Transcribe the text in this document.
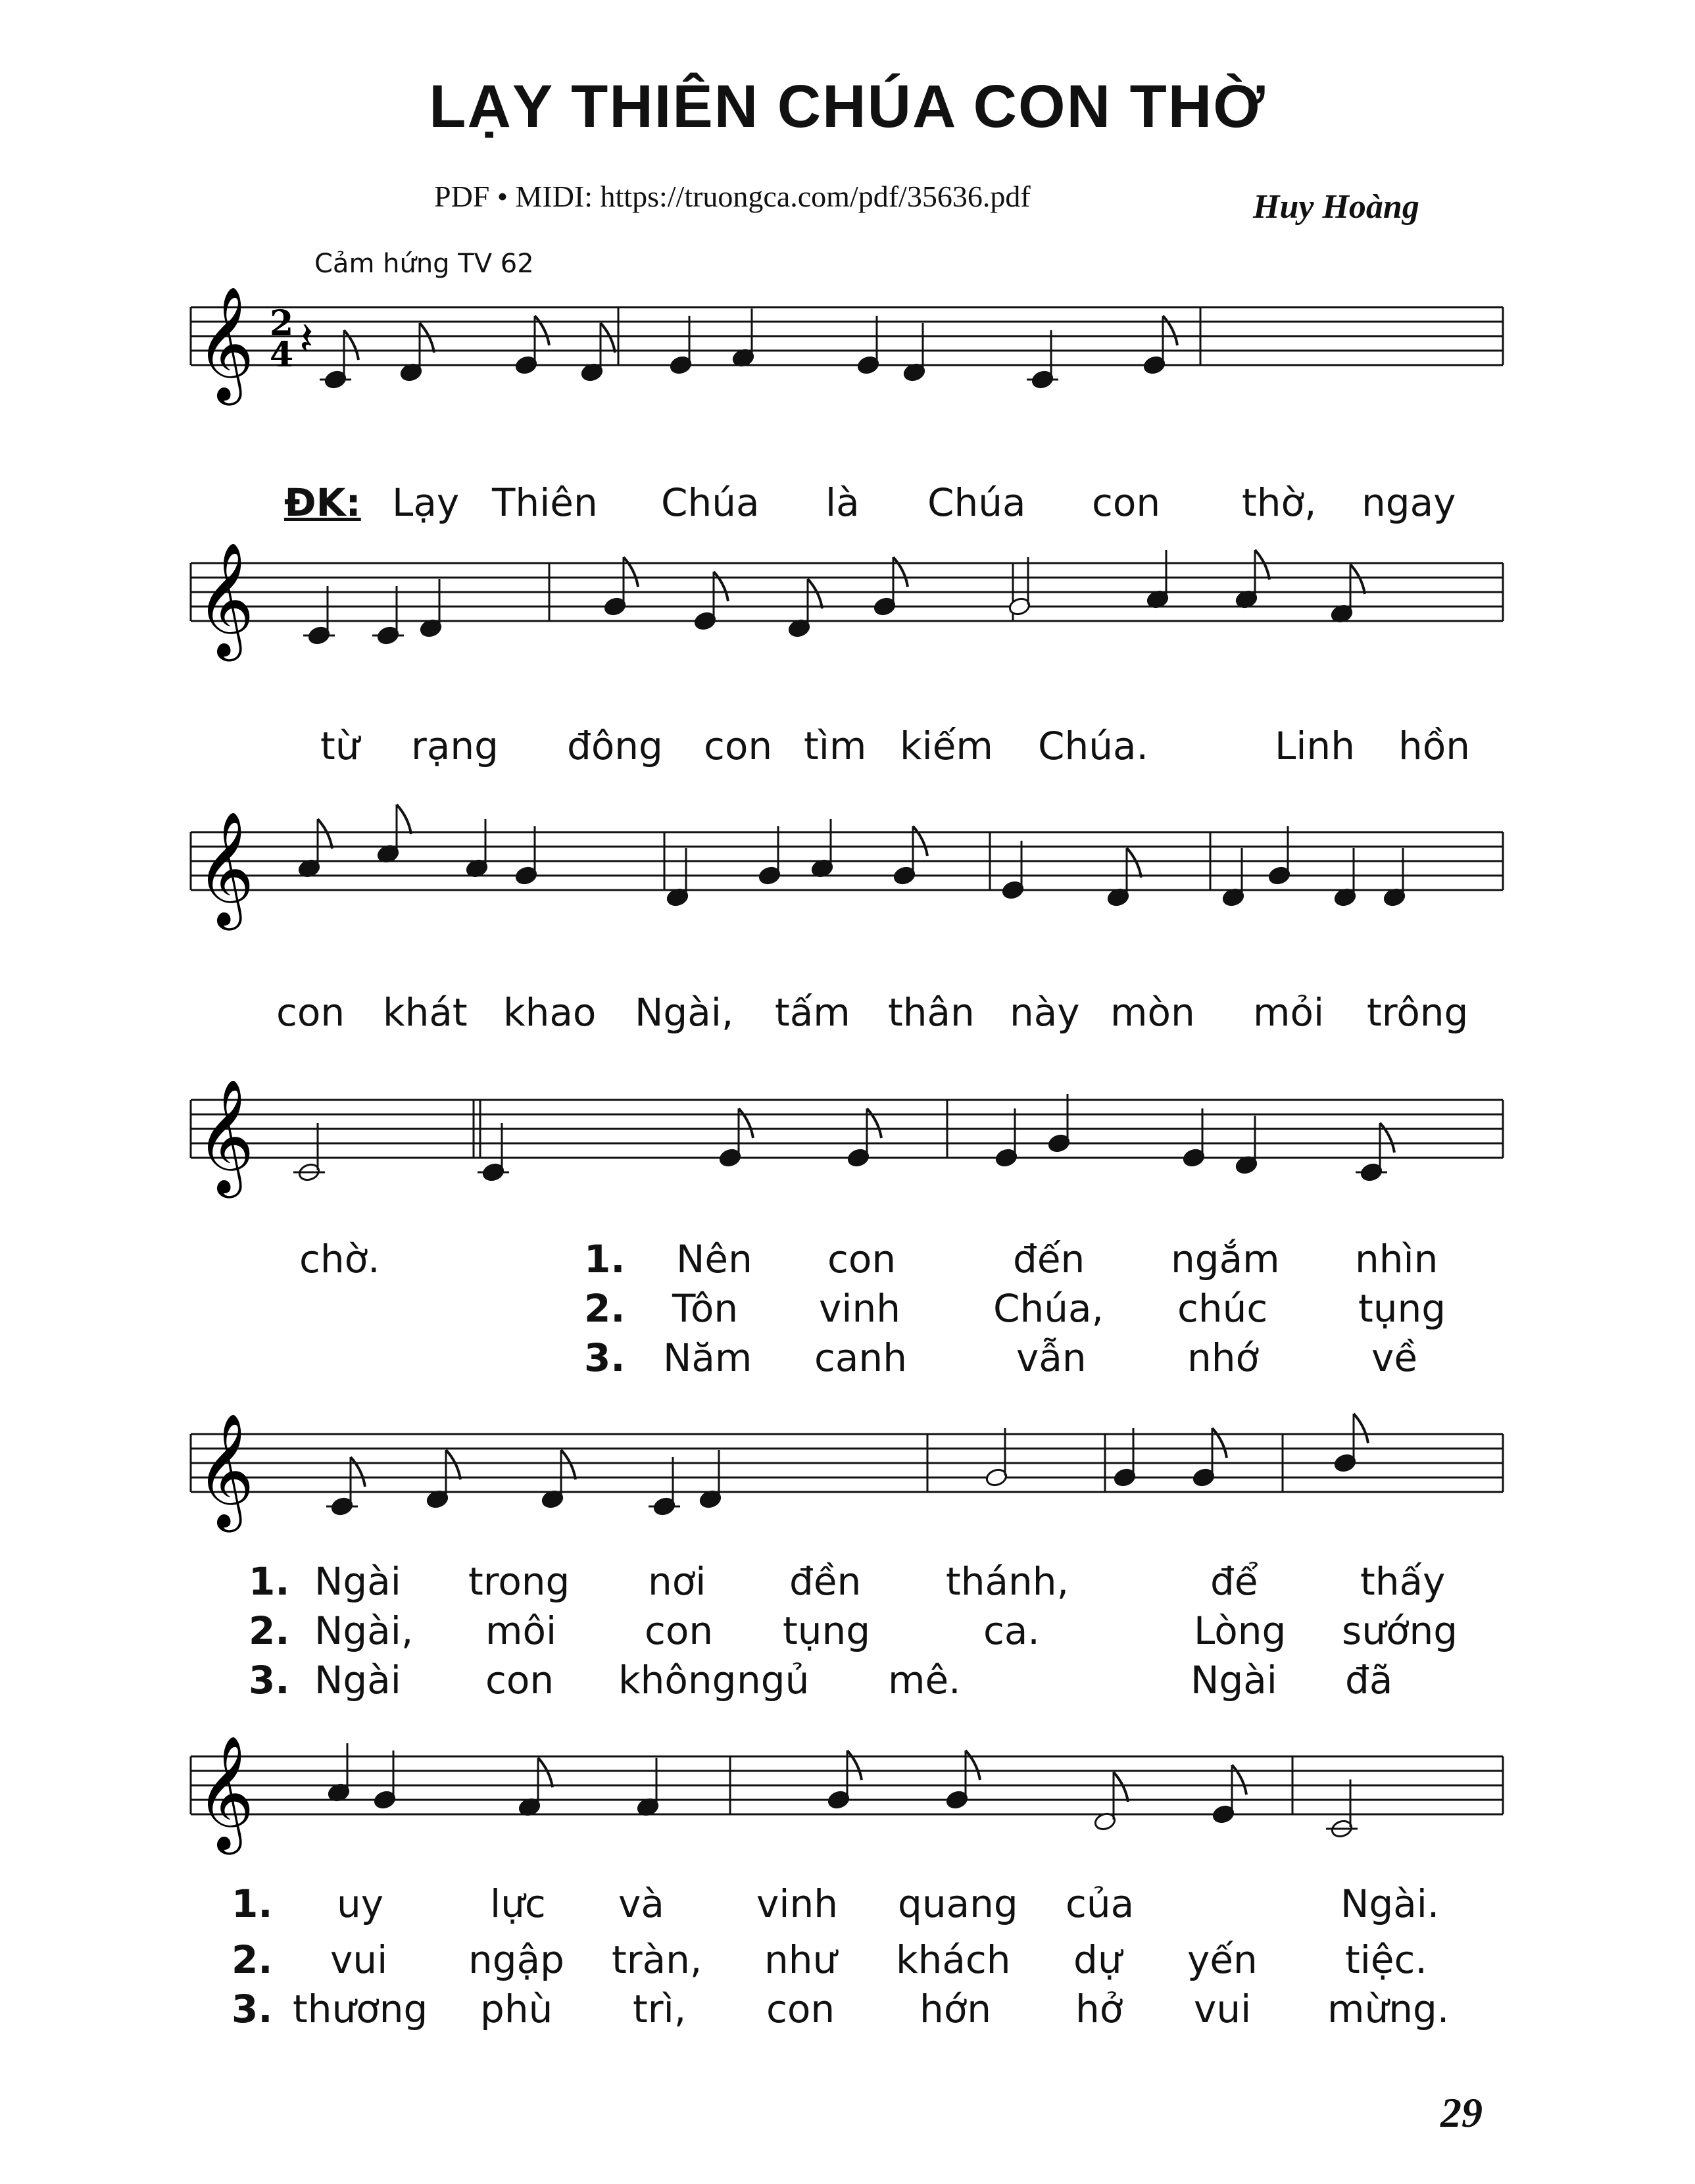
LẠY THIÊN CHÚA CON THỜ
PDF • MIDI: https://truongca.com/pdf/35636.pdf	Huy Hoàng
Cảm hứng TV 62
𝄞
𝄞
𝄞
𝄞
𝄞
𝄞
2
4 𝄽
ĐK: Lạy Thiên Chúa là Chúa con thờ, ngay
từ rạng đông con tìm kiếm Chúa.	Linh hồn
con khát khao Ngài, tấm thân này mòn mỏi trông
chờ.	1. Nên con	đến ngắm nhìn
2. Tôn vinh Chúa, chúc tụng
3. Năm canh	vẫn	nhớ	về
1. Ngài trong nơi đền thánh,	để	thấy
2. Ngài, môi con tụng	ca.	Lòng sướng
3. Ngài con không ngủ mê.	Ngài đã
1. uy	lực và vinh quang của	Ngài.
2. vui ngập tràn, như khách dự yến tiệc.
3. thương phù trì, con hớn hở vui mừng.
29
